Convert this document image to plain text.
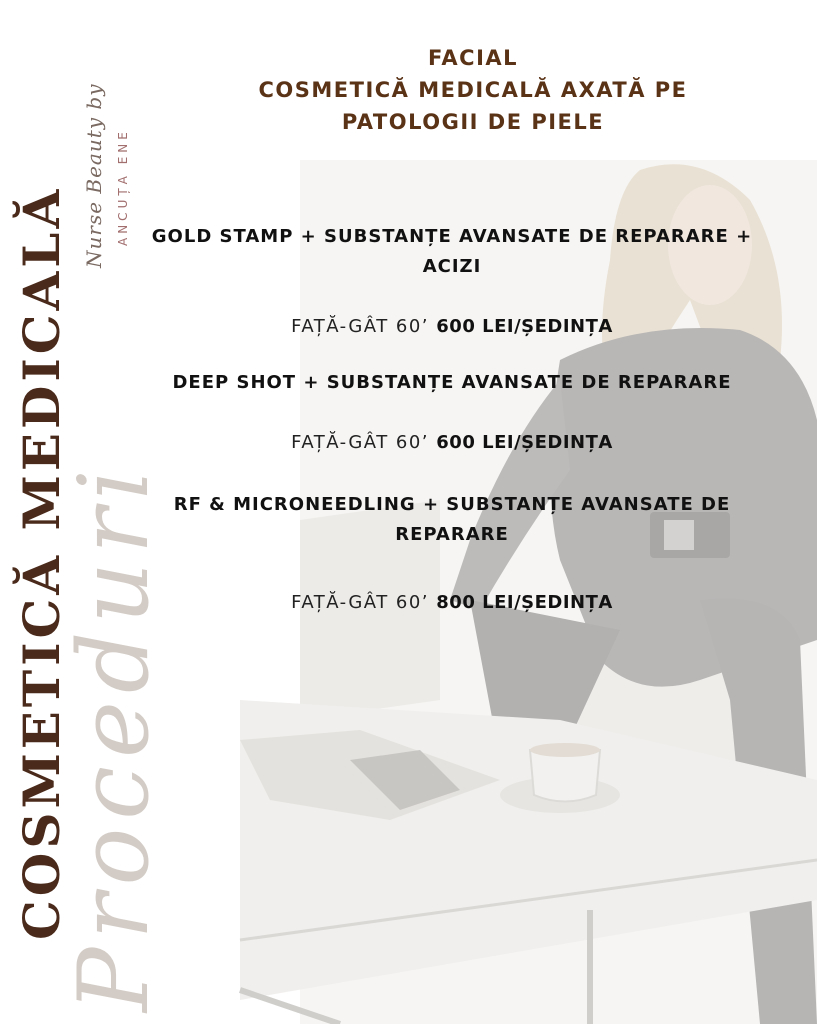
Proceduri
COSMETICĂ MEDICALĂ
Nurse Beauty by ANCUȚA ENE
FACIAL
COSMETICĂ MEDICALĂ AXATĂ PE
PATOLOGII DE PIELE
GOLD STAMP + SUBSTANȚE AVANSATE DE REPARARE +
ACIZI
FAȚĂ-GÂT 60’ 600 LEI/ȘEDINȚA
DEEP SHOT + SUBSTANȚE AVANSATE DE REPARARE
FAȚĂ-GÂT 60’ 600 LEI/ȘEDINȚA
RF & MICRONEEDLING + SUBSTANȚE AVANSATE DE
REPARARE
FAȚĂ-GÂT 60’ 800 LEI/ȘEDINȚA
